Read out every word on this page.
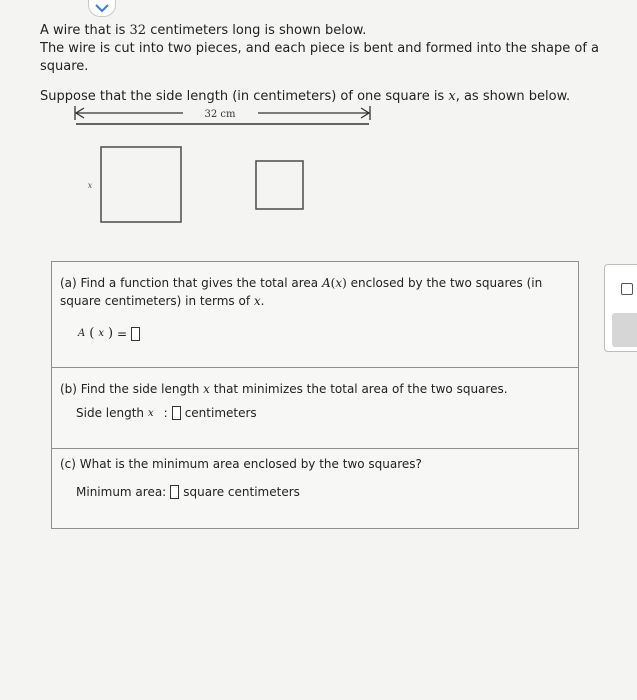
A wire that is 32 centimeters long is shown below.

The wire is cut into two pieces, and each piece is bent and formed into the shape of a square.

Suppose that the side length (in centimeters) of one square is x, as shown below.

32 cm
x
(a) Find a function that gives the total area A(x) enclosed by the two squares (in square centimeters) in terms of x.
A ( x ) =
(b) Find the side length x that minimizes the total area of the two squares.
Side length x : centimeters
(c) What is the minimum area enclosed by the two squares?
Minimum area: square centimeters
